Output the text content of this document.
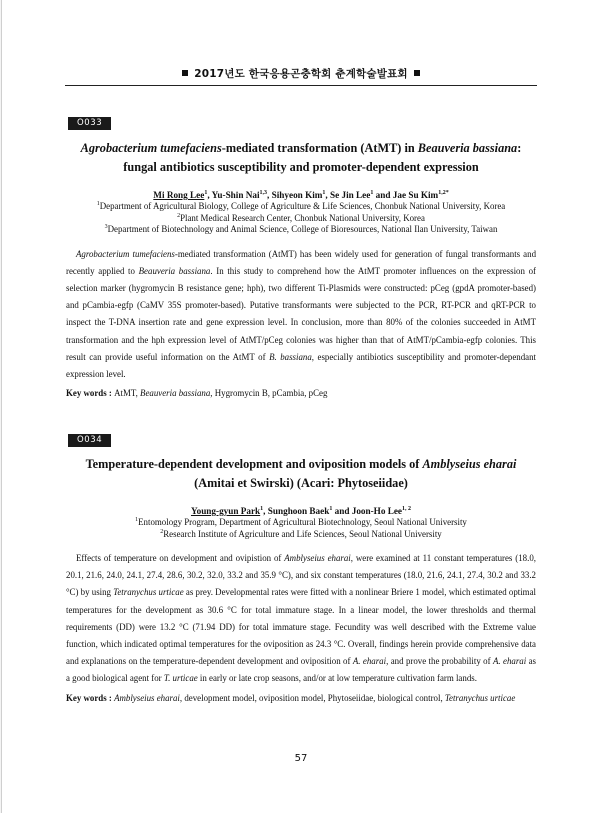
2017년도 한국응용곤충학회 춘계학술발표회
O033

Agrobacterium tumefaciens-mediated transformation (AtMT) in Beauveria bassiana:
fungal antibiotics susceptibility and promoter-dependent expression

Mi Rong Lee$^1$, Yu-Shin Nai$^{1,3}$, Sihyeon Kim$^1$, Se Jin Lee$^1$ and Jae Su Kim$^{1,2*}$
$^1$Department of Agricultural Biology, College of Agriculture & Life Sciences, Chonbuk National University, Korea
$^2$Plant Medical Research Center, Chonbuk National University, Korea
$^3$Department of Biotechnology and Animal Science, College of Bioresources, National Ilan University, Taiwan
Agrobacterium tumefaciens-mediated transformation (AtMT) has been widely used for generation of fungal transformants and recently applied to Beauveria bassiana. In this study to comprehend how the AtMT promoter influences on the expression of selection marker (hygromycin B resistance gene; hph), two different Ti-Plasmids were constructed: pCeg (gpdA promoter-based) and pCambia-egfp (CaMV 35S promoter-based). Putative transformants were subjected to the PCR, RT-PCR and qRT-PCR to inspect the T-DNA insertion rate and gene expression level. In conclusion, more than 80% of the colonies succeeded in AtMT transformation and the hph expression level of AtMT/pCeg colonies was higher than that of AtMT/pCambia-egfp colonies. This result can provide useful information on the AtMT of B. bassiana, especially antibiotics susceptibility and promoter-dependant expression level.
Key words : AtMT, Beauveria bassiana, Hygromycin B, pCambia, pCeg
O034

Temperature-dependent development and oviposition models of Amblyseius eharai
(Amitai et Swirski) (Acari: Phytoseiidae)

Young-gyun Park$^1$, Sunghoon Baek$^1$ and Joon-Ho Lee$^{1, 2}$
$^1$Entomology Program, Department of Agricultural Biotechnology, Seoul National University
$^2$Research Institute of Agriculture and Life Sciences, Seoul National University
Effects of temperature on development and ovipistion of Amblyseius eharai, were examined at 11 constant temperatures (18.0, 20.1, 21.6, 24.0, 24.1, 27.4, 28.6, 30.2, 32.0, 33.2 and 35.9 °C), and six constant temperatures (18.0, 21.6, 24.1, 27.4, 30.2 and 33.2 °C) by using Tetranychus urticae as prey. Developmental rates were fitted with a nonlinear Briere 1 model, which estimated optimal temperatures for the development as 30.6 °C for total immature stage. In a linear model, the lower thresholds and thermal requirements (DD) were 13.2 °C (71.94 DD) for total immature stage. Fecundity was well described with the Extreme value function, which indicated optimal temperatures for the oviposition as 24.3 °C. Overall, findings herein provide comprehensive data and explanations on the temperature-dependent development and oviposition of A. eharai, and prove the probability of A. eharai as a good biological agent for T. urticae in early or late crop seasons, and/or at low temperature cultivation farm lands.
Key words : Amblyseius eharai, development model, oviposition model, Phytoseiidae, biological control, Tetranychus urticae
57
